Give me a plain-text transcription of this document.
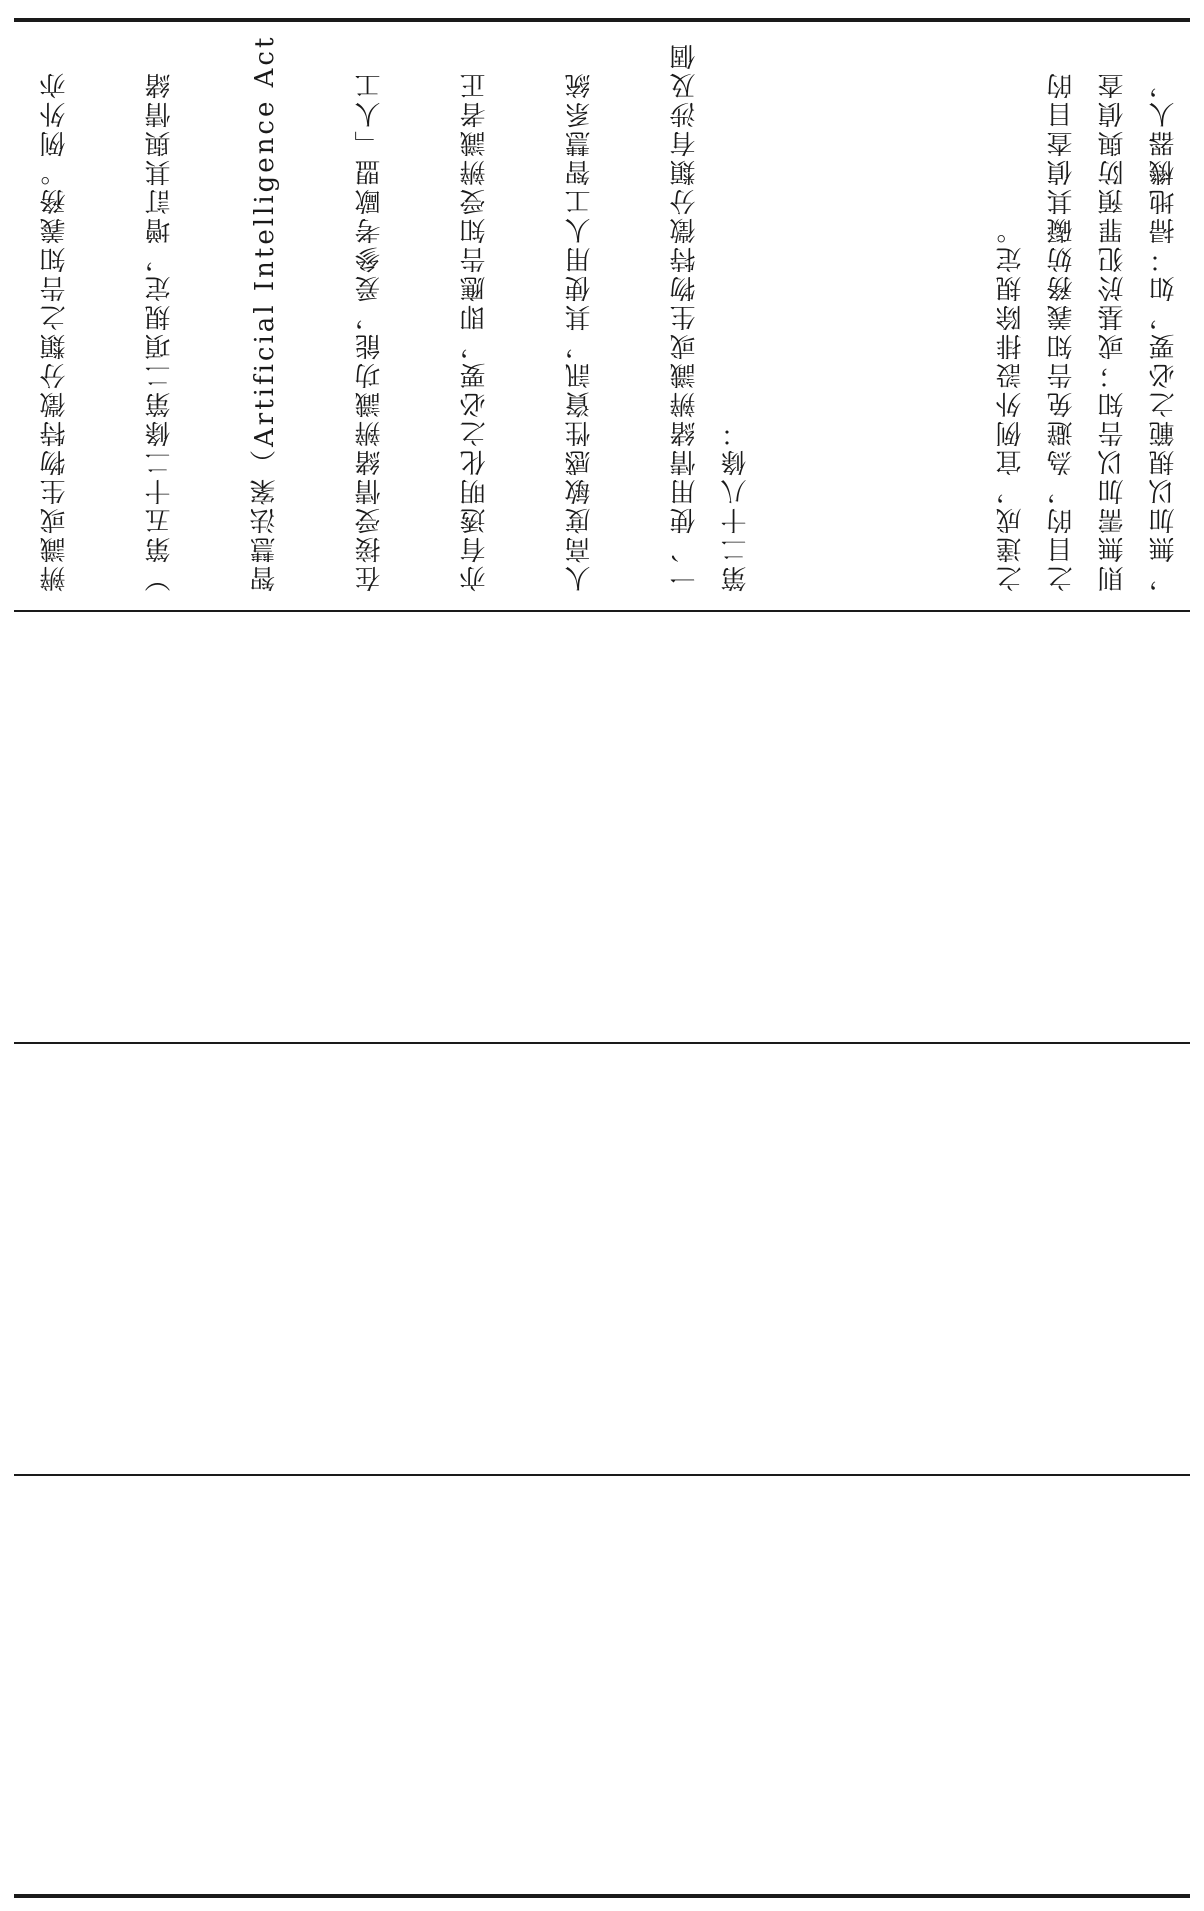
，無加以規範之必要，如：掃地機器人，

則無需加以告知；或基於犯罪預防與偵查

之目的，為避免告知義務妨礙其偵查目的

之達成，宜例外設排除規定。

第二十八條：

一、使用情緒辨識或生物特徵分類有涉及個

人高度敏感性資訊，其使用人工智慧系統

亦有透明化之必要，即應告知受辨識者正

在接受情緒辨識功能，爰參考歐盟「人工

智慧法案（Artificial Intelligence Act

）第五十二條第二項規定，增訂其與情緒

辨識或生物特徵分類之告知義務。例外亦
